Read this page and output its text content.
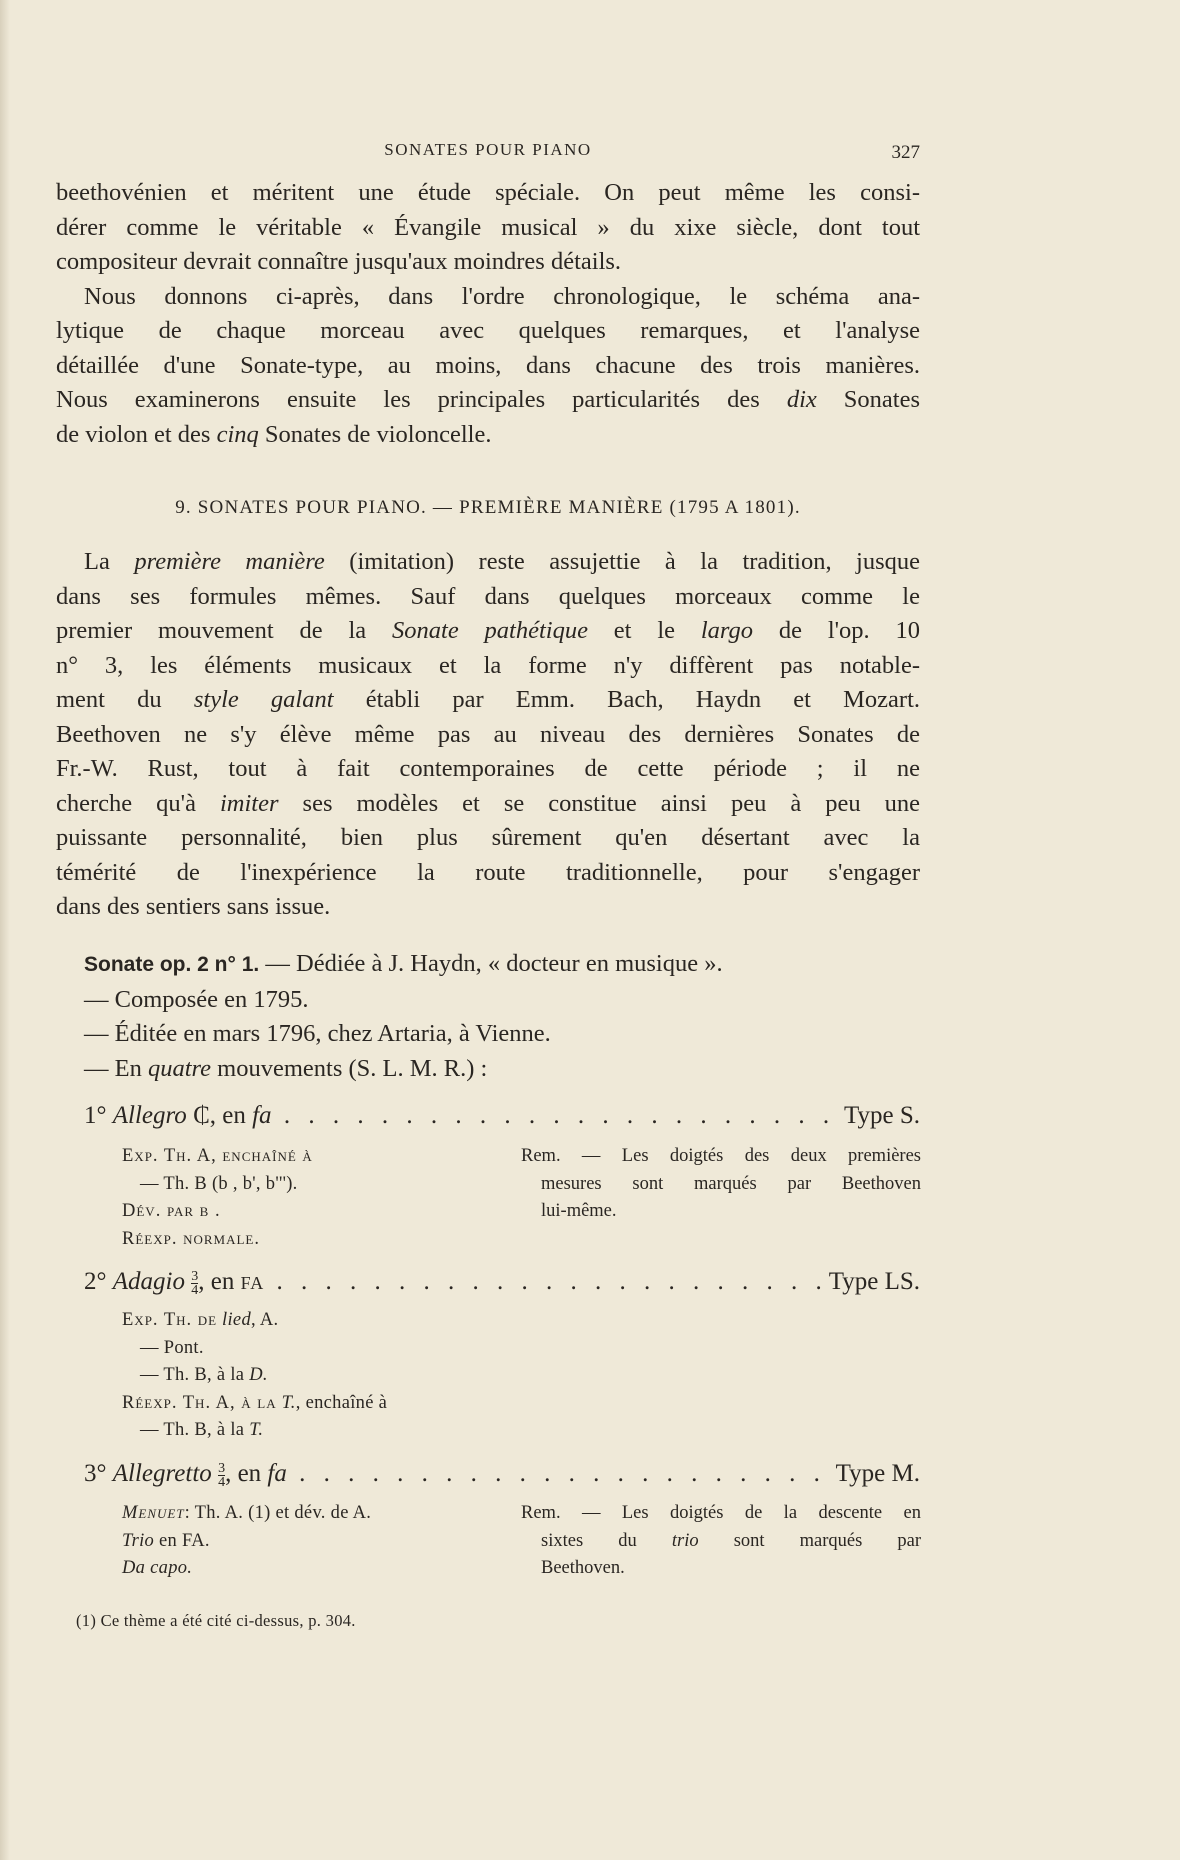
SONATES POUR PIANO	327

beethovénien et méritent une étude spéciale. On peut même les consi-
dérer comme le véritable « Évangile musical » du xixe siècle, dont tout
compositeur devrait connaître jusqu'aux moindres détails.
Nous donnons ci-après, dans l'ordre chronologique, le schéma ana-
lytique de chaque morceau avec quelques remarques, et l'analyse
détaillée d'une Sonate-type, au moins, dans chacune des trois manières.
Nous examinerons ensuite les principales particularités des dix Sonates
de violon et des cinq Sonates de violoncelle.

9. SONATES POUR PIANO. — PREMIÈRE MANIÈRE (1795 A 1801).

La première manière (imitation) reste assujettie à la tradition, jusque
dans ses formules mêmes. Sauf dans quelques morceaux comme le
premier mouvement de la Sonate pathétique et le largo de l'op. 10
n° 3, les éléments musicaux et la forme n'y diffèrent pas notable-
ment du style galant établi par Emm. Bach, Haydn et Mozart.
Beethoven ne s'y élève même pas au niveau des dernières Sonates de
Fr.-W. Rust, tout à fait contemporaines de cette période ; il ne
cherche qu'à imiter ses modèles et se constitue ainsi peu à peu une
puissante personnalité, bien plus sûrement qu'en désertant avec la
témérité de l'inexpérience la route traditionnelle, pour s'engager
dans des sentiers sans issue.

Sonate op. 2 n° 1. — Dédiée à J. Haydn, « docteur en musique ».
— Composée en 1795.
— Éditée en mars 1796, chez Artaria, à Vienne.
— En quatre mouvements (S. L. M. R.) :
1° Allegro ₵, en fa . . .	Type S.
Exp. Th. A, enchaîné à
— Th. B (b , b', b''').
Dév. par b .
Réexp. normale.
Rem. — Les doigtés des deux premières
mesures sont marqués par Beethoven
lui-même.
2° Adagio $\frac{3}{4}$ , en FA . . .	Type LS.
Exp. Th. de lied, A.
— Pont.
— Th. B, à la D.
Réexp. Th. A, à la T., enchaîné à
— Th. B, à la T.
3° Allegretto $\frac{3}{4}$ , en fa . . .	Type M.
Menuet: Th. A. (1) et dév. de A.
Trio en FA.
Da capo.
Rem. — Les doigtés de la descente en
sixtes du trio sont marqués par
Beethoven.
(1) Ce thème a été cité ci-dessus, p. 304.
